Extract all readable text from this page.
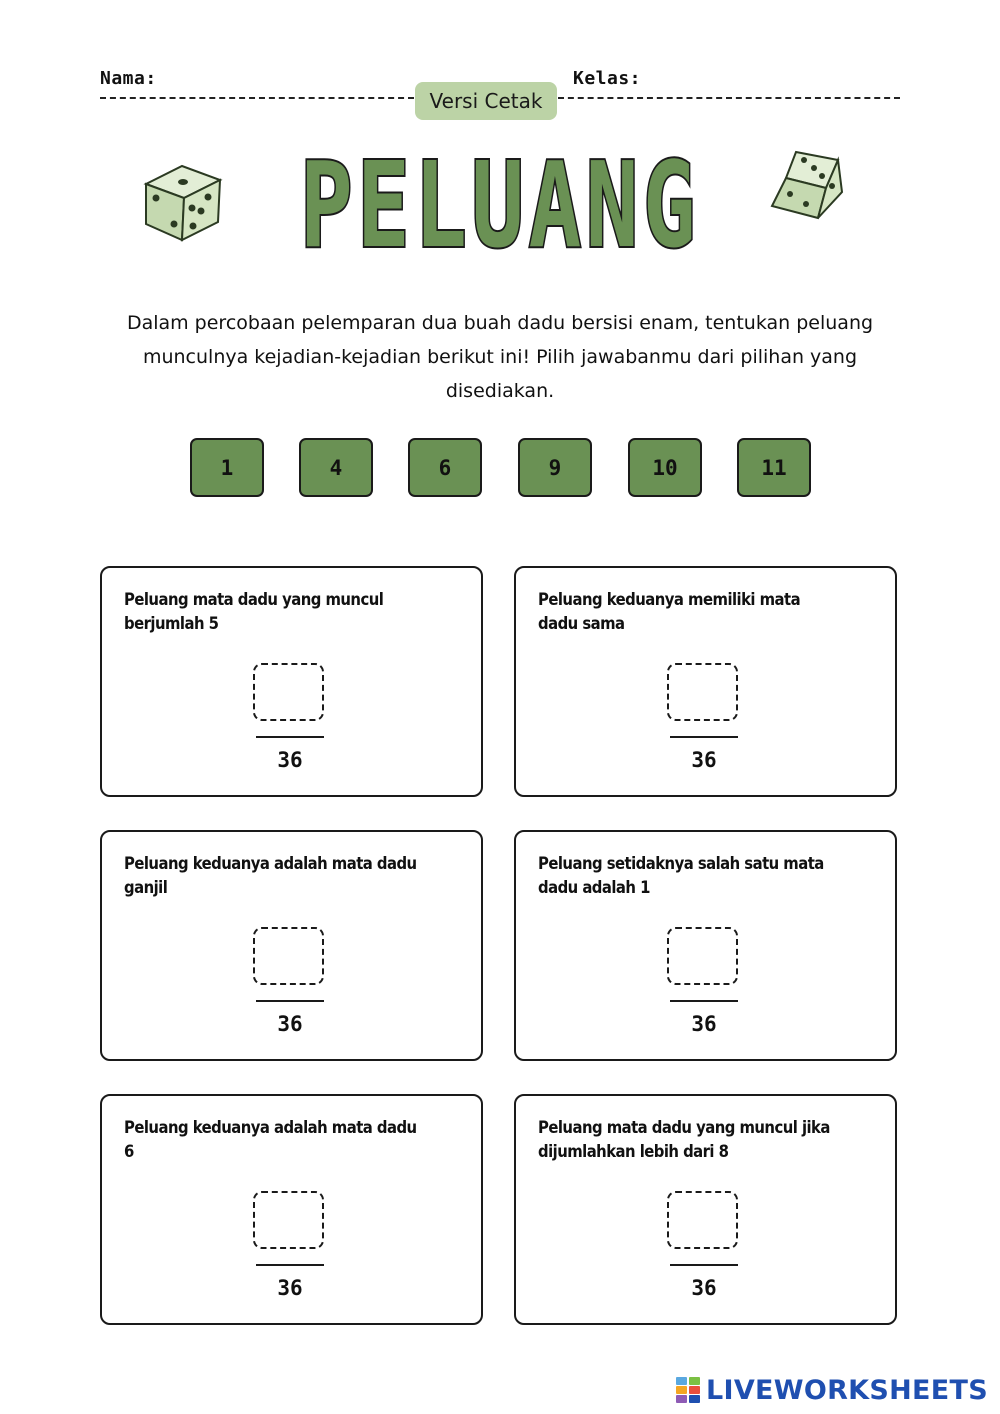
Nama:	Kelas:
Versi Cetak
PELUANG
Dalam percobaan pelemparan dua buah dadu bersisi enam, tentukan peluang munculnya kejadian-kejadian berikut ini! Pilih jawabanmu dari pilihan yang disediakan.
1	4	6	9	10	11
Peluang mata dadu yang muncul berjumlah 5
36
Peluang keduanya memiliki mata dadu sama
36
Peluang keduanya adalah mata dadu ganjil
36
Peluang setidaknya salah satu mata dadu adalah 1
36
Peluang keduanya adalah mata dadu 6
36
Peluang mata dadu yang muncul jika dijumlahkan lebih dari 8
36
LIVEWORKSHEETS
